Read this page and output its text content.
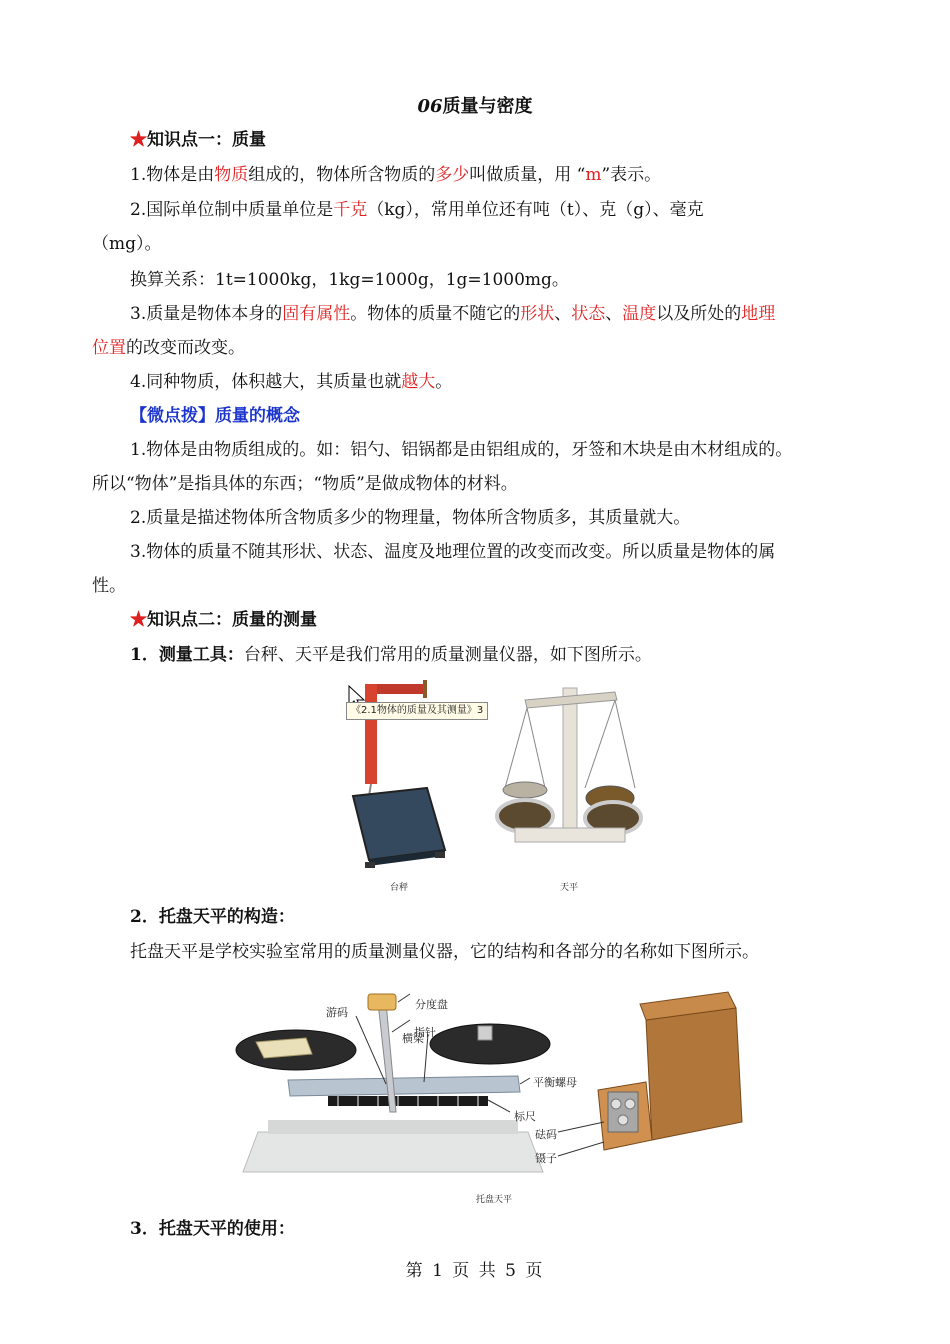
06质量与密度
★知识点一：质量
1.物体是由物质组成的，物体所含物质的多少叫做质量，用 “m”表示。
2.国际单位制中质量单位是千克（kg），常用单位还有吨（t）、克（g）、毫克
（mg）。
换算关系：1t=1000kg，1kg=1000g，1g=1000mg。
3.质量是物体本身的固有属性。物体的质量不随它的形状、状态、温度以及所处的地理
位置的改变而改变。
4.同种物质，体积越大，其质量也就越大。
【微点拨】质量的概念
1.物体是由物质组成的。如：铝勺、铝锅都是由铝组成的，牙签和木块是由木材组成的。
所以“物体”是指具体的东西；“物质”是做成物体的材料。
2.质量是描述物体所含物质多少的物理量，物体所含物质多，其质量就大。
3.物体的质量不随其形状、状态、温度及地理位置的改变而改变。所以质量是物体的属
性。
★知识点二：质量的测量
1．测量工具：台秤、天平是我们常用的质量测量仪器，如下图所示。
《2.1物体的质量及其测量》3
台秤	天平
2．托盘天平的构造：
托盘天平是学校实验室常用的质量测量仪器，它的结构和各部分的名称如下图所示。
分度盘
游码
指针
横梁
平衡螺母
标尺
砝码
镊子
托盘天平
3．托盘天平的使用：
第 1 页 共 5 页
